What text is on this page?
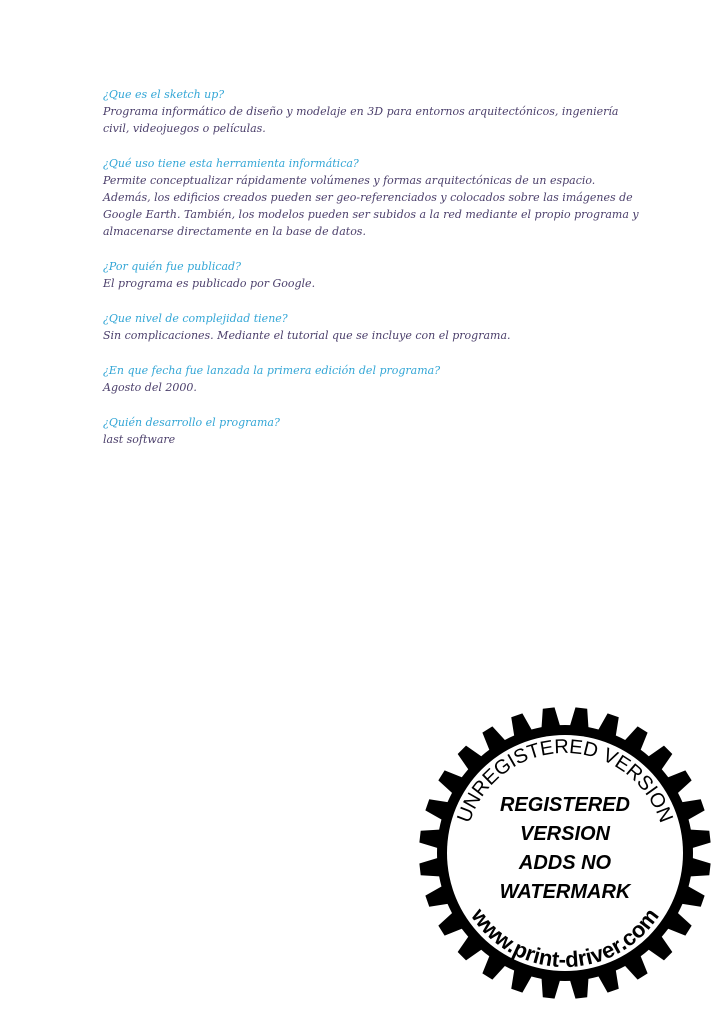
¿Que es el sketch up?

Programa informático de diseño y modelaje en 3D para entornos arquitectónicos, ingeniería civil, videojuegos o películas.

¿Qué uso tiene esta herramienta informática?

Permite conceptualizar rápidamente volúmenes y formas arquitectónicas de un espacio. Además, los edificios creados pueden ser geo-referenciados y colocados sobre las imágenes de Google Earth. También, los modelos pueden ser subidos a la red mediante el propio programa y almacenarse directamente en la base de datos.

¿Por quién fue publicad?

El programa es publicado por Google.

¿Que nivel de complejidad tiene?

Sin complicaciones. Mediante el tutorial que se incluye con el programa.

¿En que fecha fue lanzada la primera edición del programa?

Agosto del 2000.

¿Quién desarrollo el programa?

last software

UNREGISTERED VERSION
REGISTERED
VERSION
ADDS NO
WATERMARK
www.print-driver.com
